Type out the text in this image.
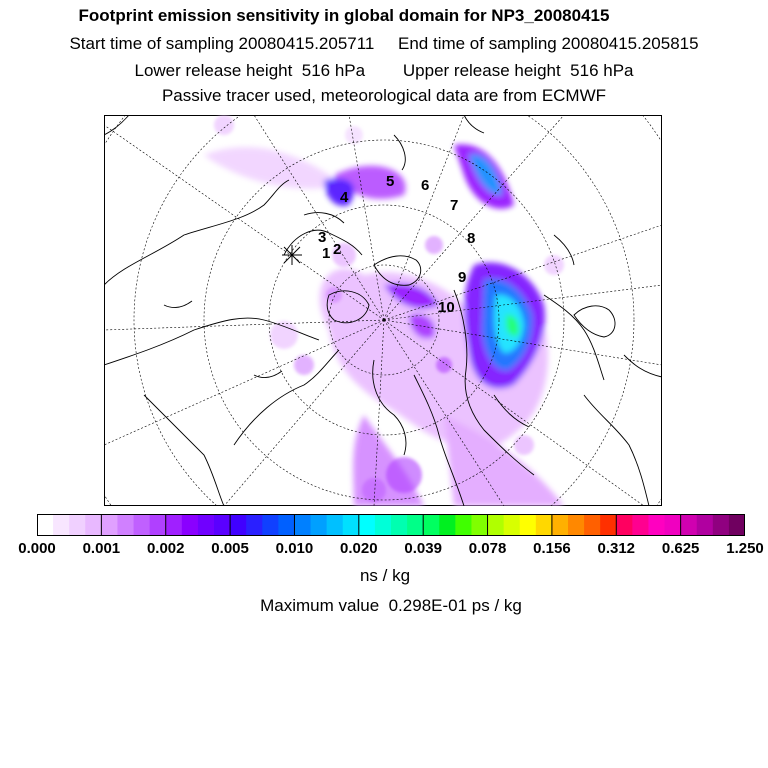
Footprint emission sensitivity in global domain for NP3_20080415
Start time of sampling 20080415.205711     End time of sampling 20080415.205815
Lower release height  516 hPa        Upper release height  516 hPa
Passive tracer used, meteorological data are from ECMWF
1 2
3
4
5 6
7
8
9
10
0.000 0.001 0.002 0.005 0.010 0.020 0.039 0.078 0.156 0.312 0.625 1.250
ns / kg
Maximum value  0.298E-01 ps / kg
